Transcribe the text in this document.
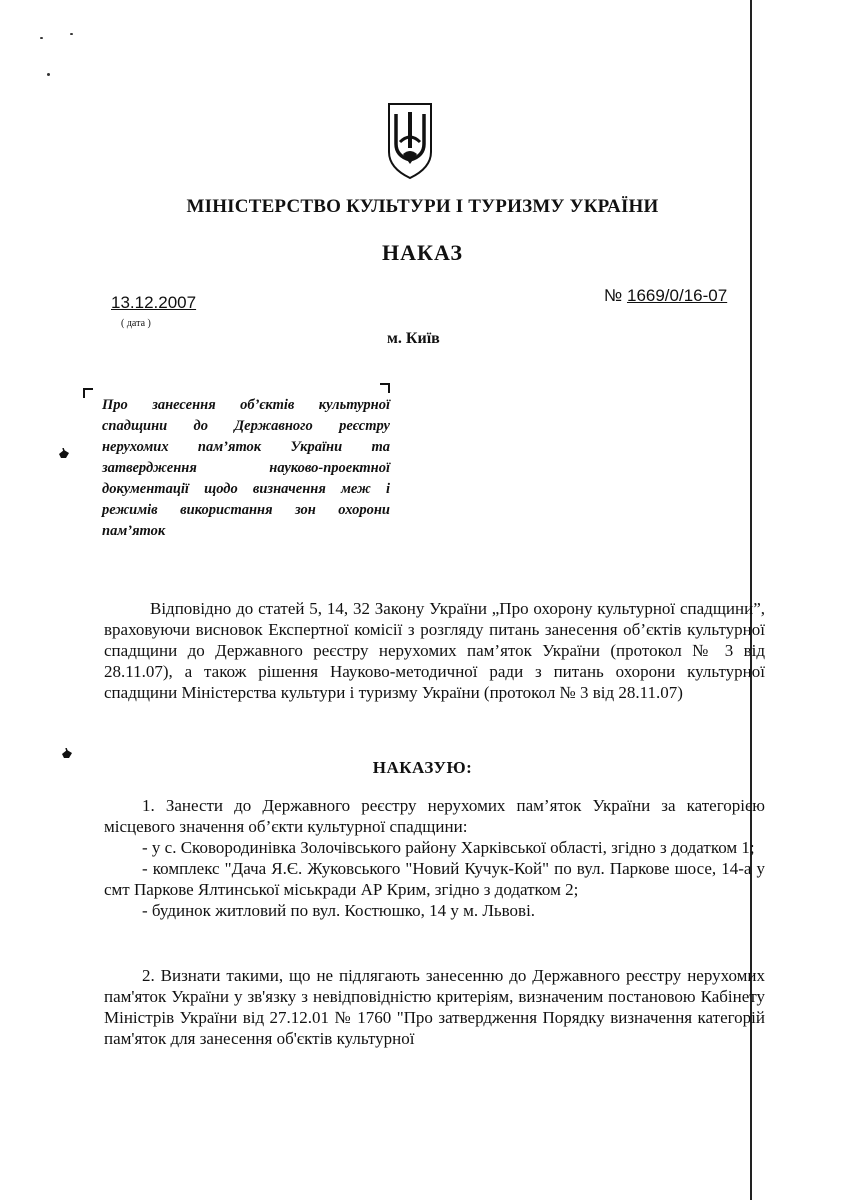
МІНІСТЕРСТВО КУЛЬТУРИ І ТУРИЗМУ УКРАЇНИ
НАКАЗ
13.12.2007
( дата )
№ 1669/0/16-07
м. Київ
Про занесення об’єктів культурної спадщини до Державного реєстру нерухомих пам’яток України та затвердження науково-проектної документації щодо визначення меж і режимів використання зон охорони пам’яток
Відповідно до статей 5, 14, 32 Закону України „Про охорону культурної спадщини”, враховуючи висновок Експертної комісії з розгляду питань занесення об’єктів культурної спадщини до Державного реєстру нерухомих пам’яток України (протокол № 3 від 28.11.07), а також рішення Науково-методичної ради з питань охорони культурної спадщини Міністерства культури і туризму України (протокол № 3 від 28.11.07)
НАКАЗУЮ:

1. Занести до Державного реєстру нерухомих пам’яток України за категорією місцевого значення об’єкти культурної спадщини:

- у с. Сковородинівка Золочівського району Харківської області, згідно з додатком 1;

- комплекс "Дача Я.Є. Жуковського "Новий Кучук-Кой" по вул. Паркове шосе, 14-а у смт Паркове Ялтинської міськради АР Крим, згідно з додатком 2;

- будинок житловий по вул. Костюшко, 14 у м. Львові.

2. Визнати такими, що не підлягають занесенню до Державного реєстру нерухомих пам'яток України у зв'язку з невідповідністю критеріям, визначеним постановою Кабінету Міністрів України від 27.12.01 № 1760 "Про затвердження Порядку визначення категорій пам'яток для занесення об'єктів культурної
